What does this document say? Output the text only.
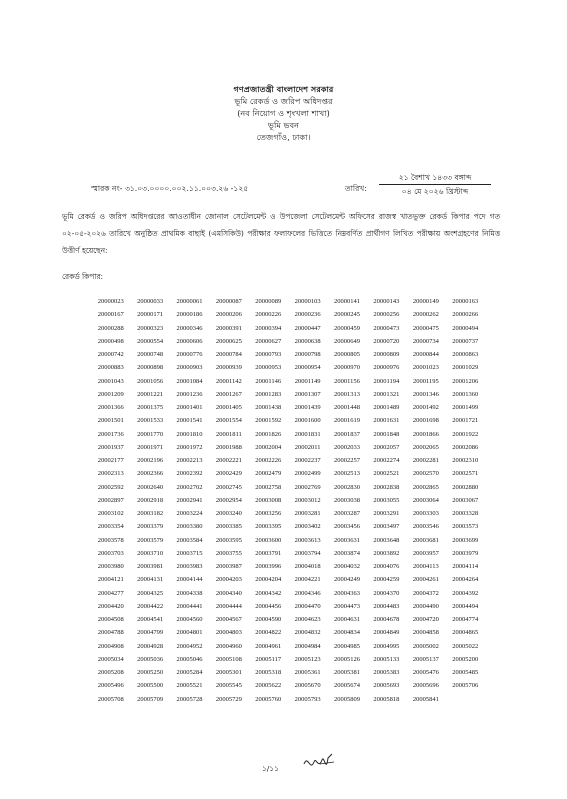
গণপ্রজাতন্ত্রী বাংলাদেশ সরকার
ভূমি রেকর্ড ও জরিপ অধিদপ্তর
(নব নিয়োগ ও শৃংখলা শাখা)
ভূমি ভবন
তেজগাঁও, ঢাকা।
স্মারক নং- ৩১.০৩.০০০০.০০২.১১.০০৩.২৬ -১২৫	তারিখ:
২১ বৈশাখ ১৪৩৩ বঙ্গাব্দ
০৪ মে ২০২৬ খ্রিস্টাব্দ
ভূমি রেকর্ড ও জরিপ অধিদপ্তরের আওতাধীন জোনাল সেটেলমেন্ট ও উপজেলা সেটেলমেন্ট অফিসের রাজস্ব খাতভুক্ত রেকর্ড কিপার পদে গত ০২-০৫-২০২৬ তারিখে অনুষ্ঠিত প্রাথমিক বাছাই (এমসিকিউ) পরীক্ষার ফলাফলের ভিত্তিতে নিম্নবর্ণিত প্রার্থীগণ লিখিত পরীক্ষায় অংশগ্রহণের নিমিত্ত উত্তীর্ণ হয়েছেন:
রেকর্ড কিপার:
20000023	20000033	20000061	20000087	20000089	20000103	20000141	20000143	20000149	20000163
20000167	20000171	20000186	20000206	20000226	20000236	20000245	20000256	20000262	20000266
20000288	20000323	20000346	20000391	20000394	20000447	20000459	20000473	20000475	20000494
20000498	20000554	20000606	20000625	20000627	20000638	20000649	20000720	20000734	20000737
20000742	20000748	20000776	20000784	20000793	20000798	20000805	20000809	20000844	20000863
20000883	20000898	20000903	20000939	20000953	20000954	20000970	20000976	20001023	20001029
20001043	20001056	20001084	20001142	20001146	20001149	20001156	20001194	20001195	20001206
20001209	20001221	20001236	20001267	20001283	20001307	20001313	20001321	20001346	20001360
20001366	20001375	20001401	20001405	20001438	20001439	20001448	20001489	20001492	20001499
20001501	20001533	20001541	20001554	20001592	20001600	20001619	20001631	20001698	20001721
20001736	20001770	20001810	20001811	20001826	20001831	20001837	20001848	20001866	20001922
20001937	20001971	20001972	20001988	20002004	20002011	20002033	20002057	20002065	20002086
20002177	20002196	20002213	20002221	20002226	20002237	20002257	20002274	20002281	20002310
20002313	20002366	20002392	20002429	20002479	20002499	20002513	20002521	20002570	20002571
20002592	20002640	20002702	20002745	20002758	20002769	20002830	20002838	20002865	20002880
20002897	20002918	20002941	20002954	20003008	20003012	20003038	20003055	20003064	20003067
20003102	20003182	20003224	20003240	20003256	20003281	20003287	20003291	20003303	20003328
20003354	20003379	20003380	20003385	20003395	20003402	20003456	20003497	20003546	20003573
20003578	20003579	20003584	20003595	20003600	20003613	20003631	20003648	20003681	20003699
20003703	20003710	20003715	20003755	20003791	20003794	20003874	20003892	20003957	20003979
20003980	20003981	20003983	20003987	20003996	20004018	20004032	20004076	20004113	20004114
20004121	20004131	20004144	20004203	20004204	20004221	20004249	20004259	20004261	20004264
20004277	20004325	20004338	20004340	20004342	20004346	20004363	20004370	20004372	20004392
20004420	20004422	20004441	20004444	20004456	20004470	20004473	20004483	20004490	20004494
20004508	20004541	20004560	20004567	20004590	20004623	20004631	20004678	20004720	20004774
20004788	20004799	20004801	20004803	20004822	20004832	20004834	20004849	20004858	20004865
20004908	20004928	20004952	20004960	20004961	20004984	20004985	20004995	20005002	20005022
20005034	20005036	20005046	20005108	20005117	20005123	20005126	20005133	20005137	20005200
20005208	20005250	20005284	20005301	20005318	20005361	20005381	20005383	20005476	20005485
20005496	20005500	20005521	20005545	20005622	20005670	20005674	20005693	20005696	20005706
20005708	20005709	20005728	20005729	20005760	20005793	20005809	20005818	20005841
১/১১
